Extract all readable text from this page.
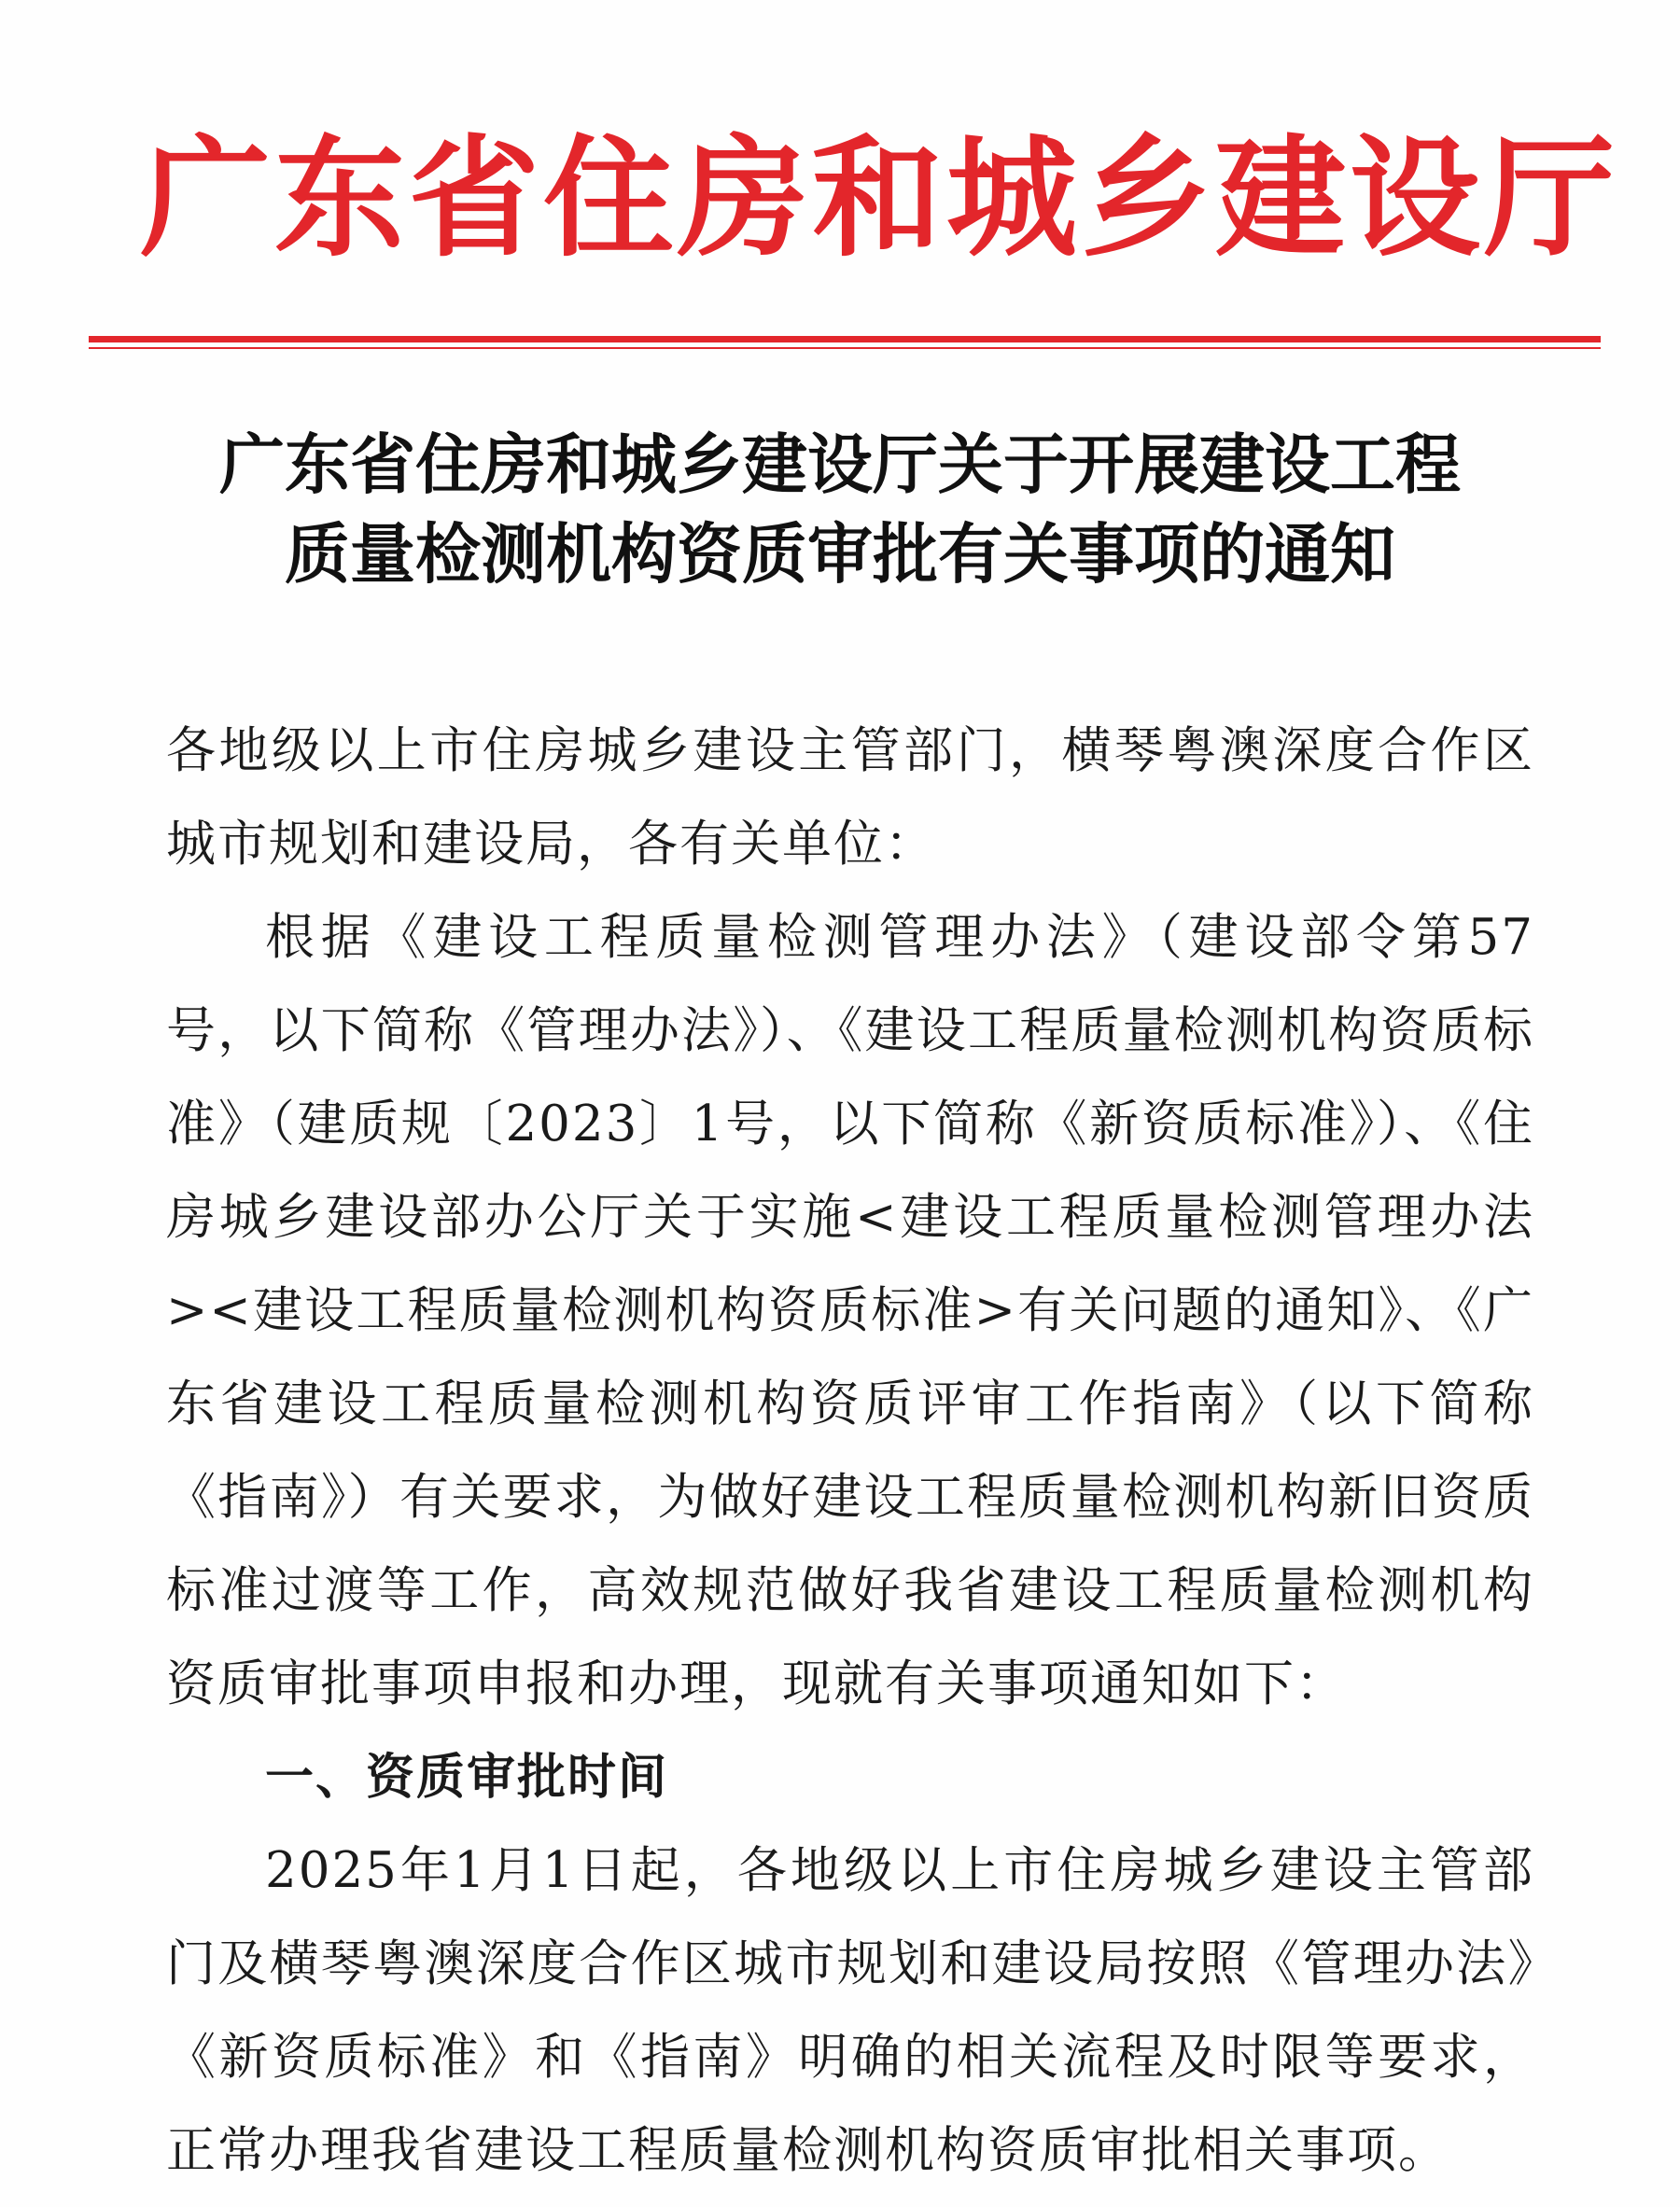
广东省住房和城乡建设厅
广东省住房和城乡建设厅关于开展建设工程
质量检测机构资质审批有关事项的通知

各地级以上市住房城乡建设主管部门，横琴粤澳深度合作区城市规划和建设局，各有关单位：

根据《建设工程质量检测管理办法》（建设部令第57号，以下简称《管理办法》）、《建设工程质量检测机构资质标准》（建质规〔2023〕1号，以下简称《新资质标准》）、《住房城乡建设部办公厅关于实施<建设工程质量检测管理办法><建设工程质量检测机构资质标准>有关问题的通知》、《广东省建设工程质量检测机构资质评审工作指南》（以下简称《指南》）有关要求，为做好建设工程质量检测机构新旧资质标准过渡等工作，高效规范做好我省建设工程质量检测机构资质审批事项申报和办理，现就有关事项通知如下：

一、资质审批时间

2025年1月1日起，各地级以上市住房城乡建设主管部门及横琴粤澳深度合作区城市规划和建设局按照《管理办法》《新资质标准》和《指南》明确的相关流程及时限等要求，正常办理我省建设工程质量检测机构资质审批相关事项。
